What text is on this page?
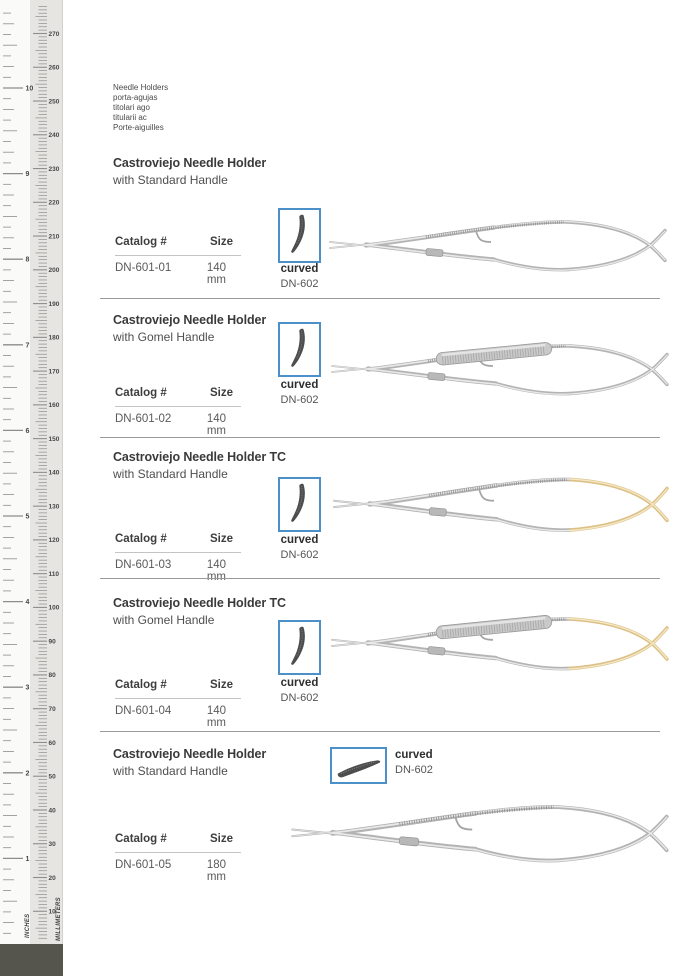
270
260
250
240
230
220
210
200
190
180
170
160
150
140
130
120
110
100
90
80
70
60
50
40
30
20
10
10
9
8
7
6
5
4
3
2
1
INCHES	MILLIMETERS
Needle Holders
porta-agujas
titolari ago
titularii ac
Porte-aiguilles
Castroviejo Needle Holder
with Standard Handle
Catalog #	Size
DN-601-01	140 mm
curved
DN-602
Castroviejo Needle Holder
with Gomel Handle
Catalog #	Size
DN-601-02	140 mm
curved
DN-602
Castroviejo Needle Holder TC
with Standard Handle
Catalog #	Size
DN-601-03	140 mm
curved
DN-602
Castroviejo Needle Holder TC
with Gomel Handle
Catalog #	Size
DN-601-04	140 mm
curved
DN-602
Castroviejo Needle Holder
with Standard Handle
Catalog #	Size
DN-601-05	180 mm
curved
DN-602
